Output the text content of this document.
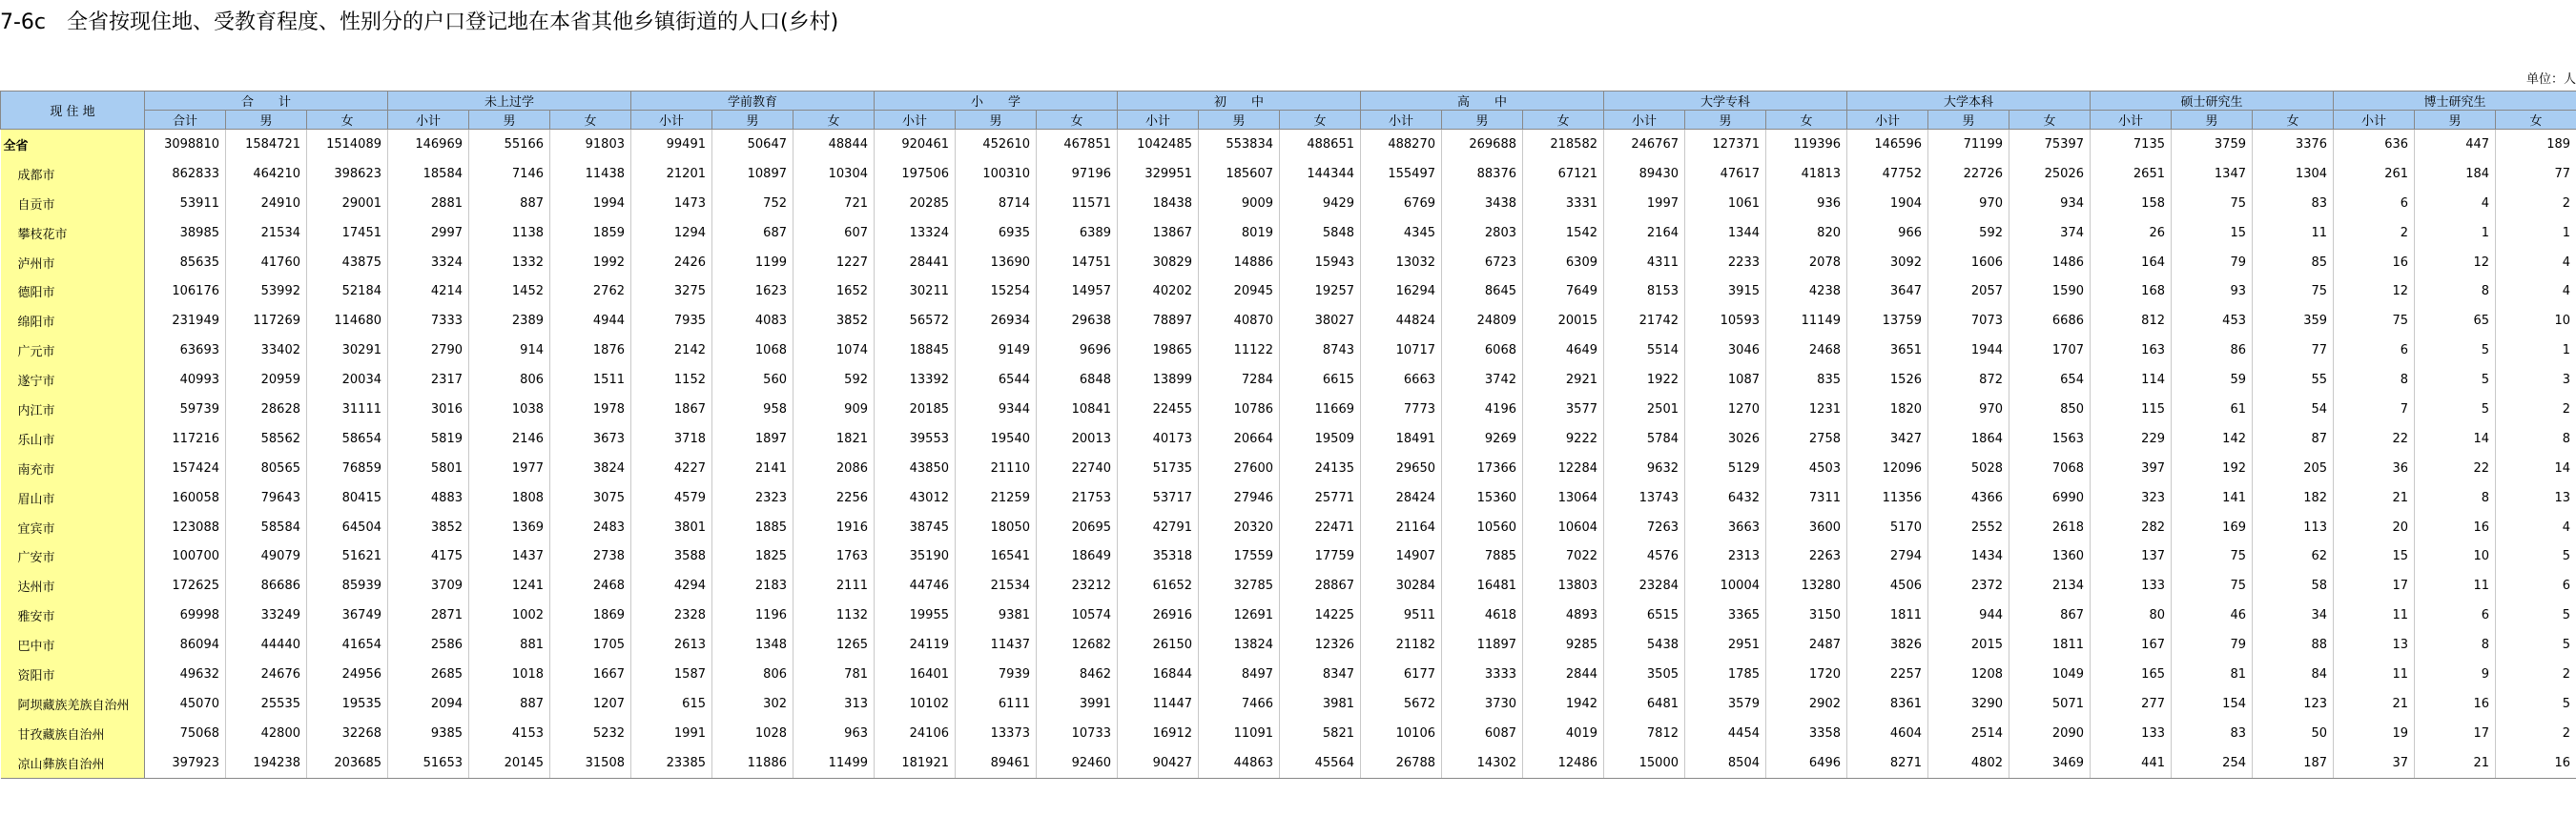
7-6c　全省按现住地、受教育程度、性别分的户口登记地在本省其他乡镇街道的人口(乡村)
单位：人
现 住 地	合　　计			未上过学			学前教育			小　　学			初　　中			高　　中			大学专科			大学本科			硕士研究生			博士研究生		
	合计	男	女	小计	男	女	小计	男	女	小计	男	女	小计	男	女	小计	男	女	小计	男	女	小计	男	女	小计	男	女	小计	男	女
全省	3098810	1584721	1514089	146969	55166	91803	99491	50647	48844	920461	452610	467851	1042485	553834	488651	488270	269688	218582	246767	127371	119396	146596	71199	75397	7135	3759	3376	636	447	189
成都市	862833	464210	398623	18584	7146	11438	21201	10897	10304	197506	100310	97196	329951	185607	144344	155497	88376	67121	89430	47617	41813	47752	22726	25026	2651	1347	1304	261	184	77
自贡市	53911	24910	29001	2881	887	1994	1473	752	721	20285	8714	11571	18438	9009	9429	6769	3438	3331	1997	1061	936	1904	970	934	158	75	83	6	4	2
攀枝花市	38985	21534	17451	2997	1138	1859	1294	687	607	13324	6935	6389	13867	8019	5848	4345	2803	1542	2164	1344	820	966	592	374	26	15	11	2	1	1
泸州市	85635	41760	43875	3324	1332	1992	2426	1199	1227	28441	13690	14751	30829	14886	15943	13032	6723	6309	4311	2233	2078	3092	1606	1486	164	79	85	16	12	4
德阳市	106176	53992	52184	4214	1452	2762	3275	1623	1652	30211	15254	14957	40202	20945	19257	16294	8645	7649	8153	3915	4238	3647	2057	1590	168	93	75	12	8	4
绵阳市	231949	117269	114680	7333	2389	4944	7935	4083	3852	56572	26934	29638	78897	40870	38027	44824	24809	20015	21742	10593	11149	13759	7073	6686	812	453	359	75	65	10
广元市	63693	33402	30291	2790	914	1876	2142	1068	1074	18845	9149	9696	19865	11122	8743	10717	6068	4649	5514	3046	2468	3651	1944	1707	163	86	77	6	5	1
遂宁市	40993	20959	20034	2317	806	1511	1152	560	592	13392	6544	6848	13899	7284	6615	6663	3742	2921	1922	1087	835	1526	872	654	114	59	55	8	5	3
内江市	59739	28628	31111	3016	1038	1978	1867	958	909	20185	9344	10841	22455	10786	11669	7773	4196	3577	2501	1270	1231	1820	970	850	115	61	54	7	5	2
乐山市	117216	58562	58654	5819	2146	3673	3718	1897	1821	39553	19540	20013	40173	20664	19509	18491	9269	9222	5784	3026	2758	3427	1864	1563	229	142	87	22	14	8
南充市	157424	80565	76859	5801	1977	3824	4227	2141	2086	43850	21110	22740	51735	27600	24135	29650	17366	12284	9632	5129	4503	12096	5028	7068	397	192	205	36	22	14
眉山市	160058	79643	80415	4883	1808	3075	4579	2323	2256	43012	21259	21753	53717	27946	25771	28424	15360	13064	13743	6432	7311	11356	4366	6990	323	141	182	21	8	13
宜宾市	123088	58584	64504	3852	1369	2483	3801	1885	1916	38745	18050	20695	42791	20320	22471	21164	10560	10604	7263	3663	3600	5170	2552	2618	282	169	113	20	16	4
广安市	100700	49079	51621	4175	1437	2738	3588	1825	1763	35190	16541	18649	35318	17559	17759	14907	7885	7022	4576	2313	2263	2794	1434	1360	137	75	62	15	10	5
达州市	172625	86686	85939	3709	1241	2468	4294	2183	2111	44746	21534	23212	61652	32785	28867	30284	16481	13803	23284	10004	13280	4506	2372	2134	133	75	58	17	11	6
雅安市	69998	33249	36749	2871	1002	1869	2328	1196	1132	19955	9381	10574	26916	12691	14225	9511	4618	4893	6515	3365	3150	1811	944	867	80	46	34	11	6	5
巴中市	86094	44440	41654	2586	881	1705	2613	1348	1265	24119	11437	12682	26150	13824	12326	21182	11897	9285	5438	2951	2487	3826	2015	1811	167	79	88	13	8	5
资阳市	49632	24676	24956	2685	1018	1667	1587	806	781	16401	7939	8462	16844	8497	8347	6177	3333	2844	3505	1785	1720	2257	1208	1049	165	81	84	11	9	2
阿坝藏族羌族自治州	45070	25535	19535	2094	887	1207	615	302	313	10102	6111	3991	11447	7466	3981	5672	3730	1942	6481	3579	2902	8361	3290	5071	277	154	123	21	16	5
甘孜藏族自治州	75068	42800	32268	9385	4153	5232	1991	1028	963	24106	13373	10733	16912	11091	5821	10106	6087	4019	7812	4454	3358	4604	2514	2090	133	83	50	19	17	2
凉山彝族自治州	397923	194238	203685	51653	20145	31508	23385	11886	11499	181921	89461	92460	90427	44863	45564	26788	14302	12486	15000	8504	6496	8271	4802	3469	441	254	187	37	21	16
